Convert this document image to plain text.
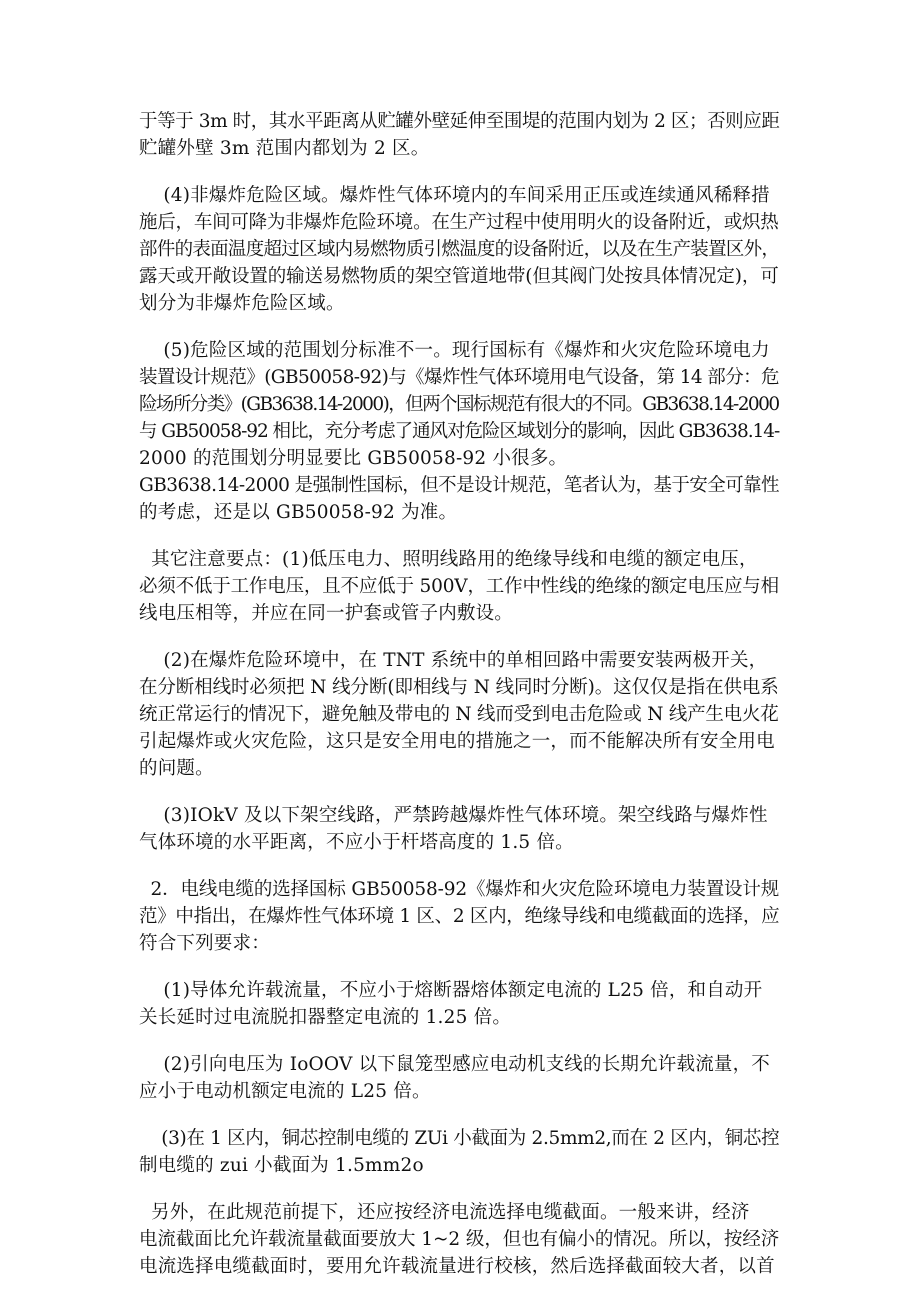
于等于 3m 时，其水平距离从贮罐外壁延伸至围堤的范围内划为 2 区；否则应距
贮罐外壁 3m 范围内都划为 2 区。
(4)非爆炸危险区域。爆炸性气体环境内的车间采用正压或连续通风稀释措
施后，车间可降为非爆炸危险环境。在生产过程中使用明火的设备附近，或炽热
部件的表面温度超过区域内易燃物质引燃温度的设备附近，以及在生产装置区外，
露天或开敞设置的输送易燃物质的架空管道地带(但其阀门处按具体情况定)，可
划分为非爆炸危险区域。
(5)危险区域的范围划分标准不一。现行国标有《爆炸和火灾危险环境电力
装置设计规范》(GB50058-92)与《爆炸性气体环境用电气设备，第 14 部分：危
险场所分类》(GB3638.14-2000)，但两个国标规范有很大的不同。GB3638.14-2000
与 GB50058-92 相比，充分考虑了通风对危险区域划分的影响，因此 GB3638.14-
2000 的范围划分明显要比 GB50058-92 小很多。
GB3638.14-2000 是强制性国标，但不是设计规范，笔者认为，基于安全可靠性
的考虑，还是以 GB50058-92 为准。
其它注意要点：(1)低压电力、照明线路用的绝缘导线和电缆的额定电压，
必须不低于工作电压，且不应低于 500V，工作中性线的绝缘的额定电压应与相
线电压相等，并应在同一护套或管子内敷设。
(2)在爆炸危险环境中，在 TNT 系统中的单相回路中需要安装两极开关，
在分断相线时必须把 N 线分断(即相线与 N 线同时分断)。这仅仅是指在供电系
统正常运行的情况下，避免触及带电的 N 线而受到电击危险或 N 线产生电火花
引起爆炸或火灾危险，这只是安全用电的措施之一，而不能解决所有安全用电
的问题。
(3)IOkV 及以下架空线路，严禁跨越爆炸性气体环境。架空线路与爆炸性
气体环境的水平距离，不应小于杆塔高度的 1.5 倍。
2．电线电缆的选择国标 GB50058-92《爆炸和火灾危险环境电力装置设计规
范》中指出，在爆炸性气体环境 1 区、2 区内，绝缘导线和电缆截面的选择，应
符合下列要求：
(1)导体允许载流量，不应小于熔断器熔体额定电流的 L25 倍，和自动开
关长延时过电流脱扣器整定电流的 1.25 倍。
(2)引向电压为 IoOOV 以下鼠笼型感应电动机支线的长期允许载流量，不
应小于电动机额定电流的 L25 倍。
(3)在 1 区内，铜芯控制电缆的 ZUi 小截面为 2.5mm2,而在 2 区内，铜芯控
制电缆的 zui 小截面为 1.5mm2o
另外，在此规范前提下，还应按经济电流选择电缆截面。一般来讲，经济
电流截面比允许载流量截面要放大 1~2 级，但也有偏小的情况。所以，按经济
电流选择电缆截面时，要用允许载流量进行校核，然后选择截面较大者，以首
